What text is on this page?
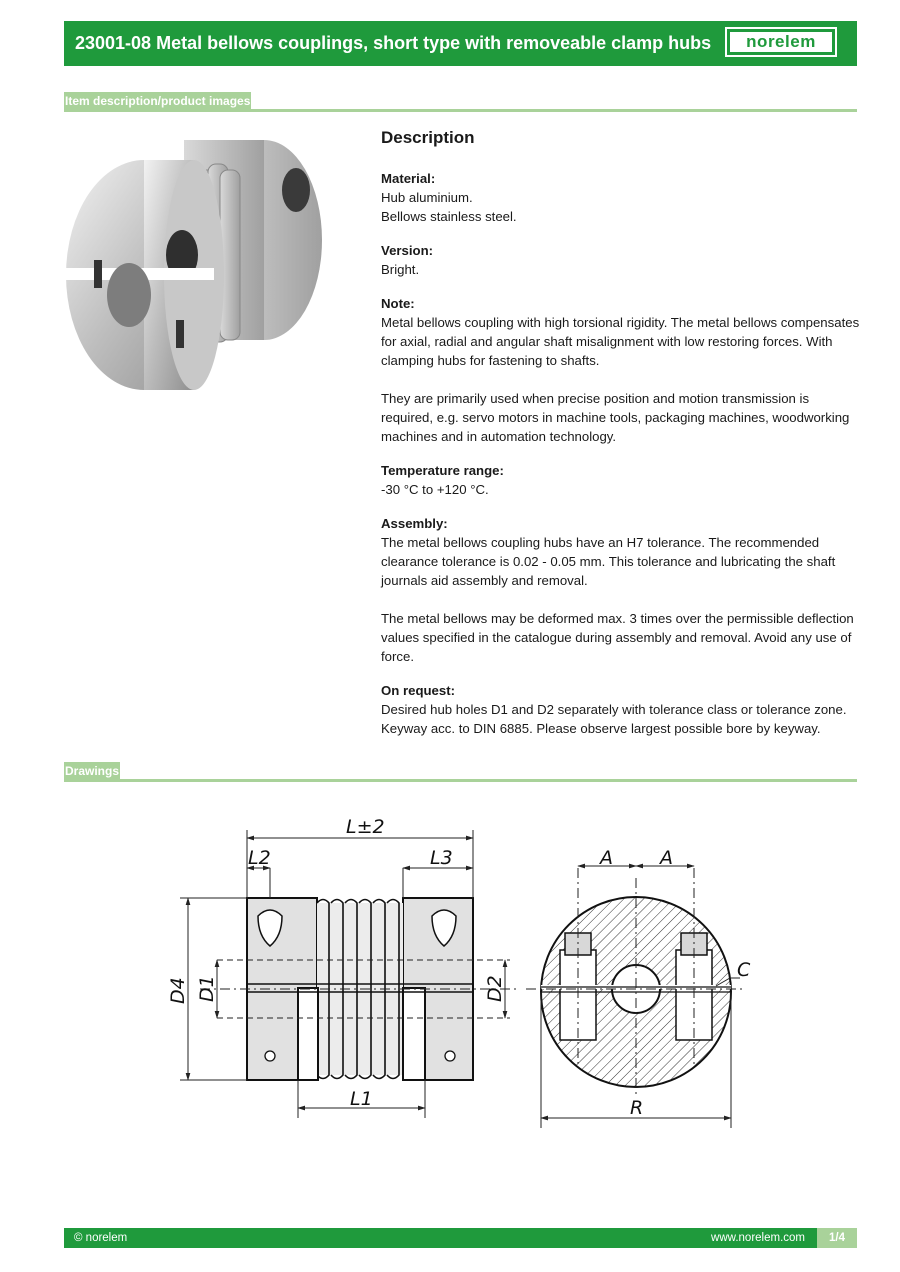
23001-08 Metal bellows couplings, short type with removeable clamp hubs	norelem
Item description/product images
Description
Material:
Hub aluminium.
Bellows stainless steel.
Version:
Bright.
Note:
Metal bellows coupling with high torsional rigidity. The metal bellows compensates for axial, radial and angular shaft misalignment with low restoring forces. With clamping hubs for fastening to shafts.
They are primarily used when precise position and motion transmission is required, e.g. servo motors in machine tools, packaging machines, woodworking machines and in automation technology.
Temperature range:
-30 °C to +120 °C.
Assembly:
The metal bellows coupling hubs have an H7 tolerance. The recommended clearance tolerance is 0.02 - 0.05 mm. This tolerance and lubricating the shaft journals aid assembly and removal.
The metal bellows may be deformed max. 3 times over the permissible deflection values specified in the catalogue during assembly and removal. Avoid any use of force.
On request:
Desired hub holes D1 and D2 separately with tolerance class or tolerance zone. Keyway acc. to DIN 6885. Please observe largest possible bore by keyway.
Drawings
L±2
L2	L3
D4 D1	D2
L1
A A
C
R
© norelem	www.norelem.com	1/4
